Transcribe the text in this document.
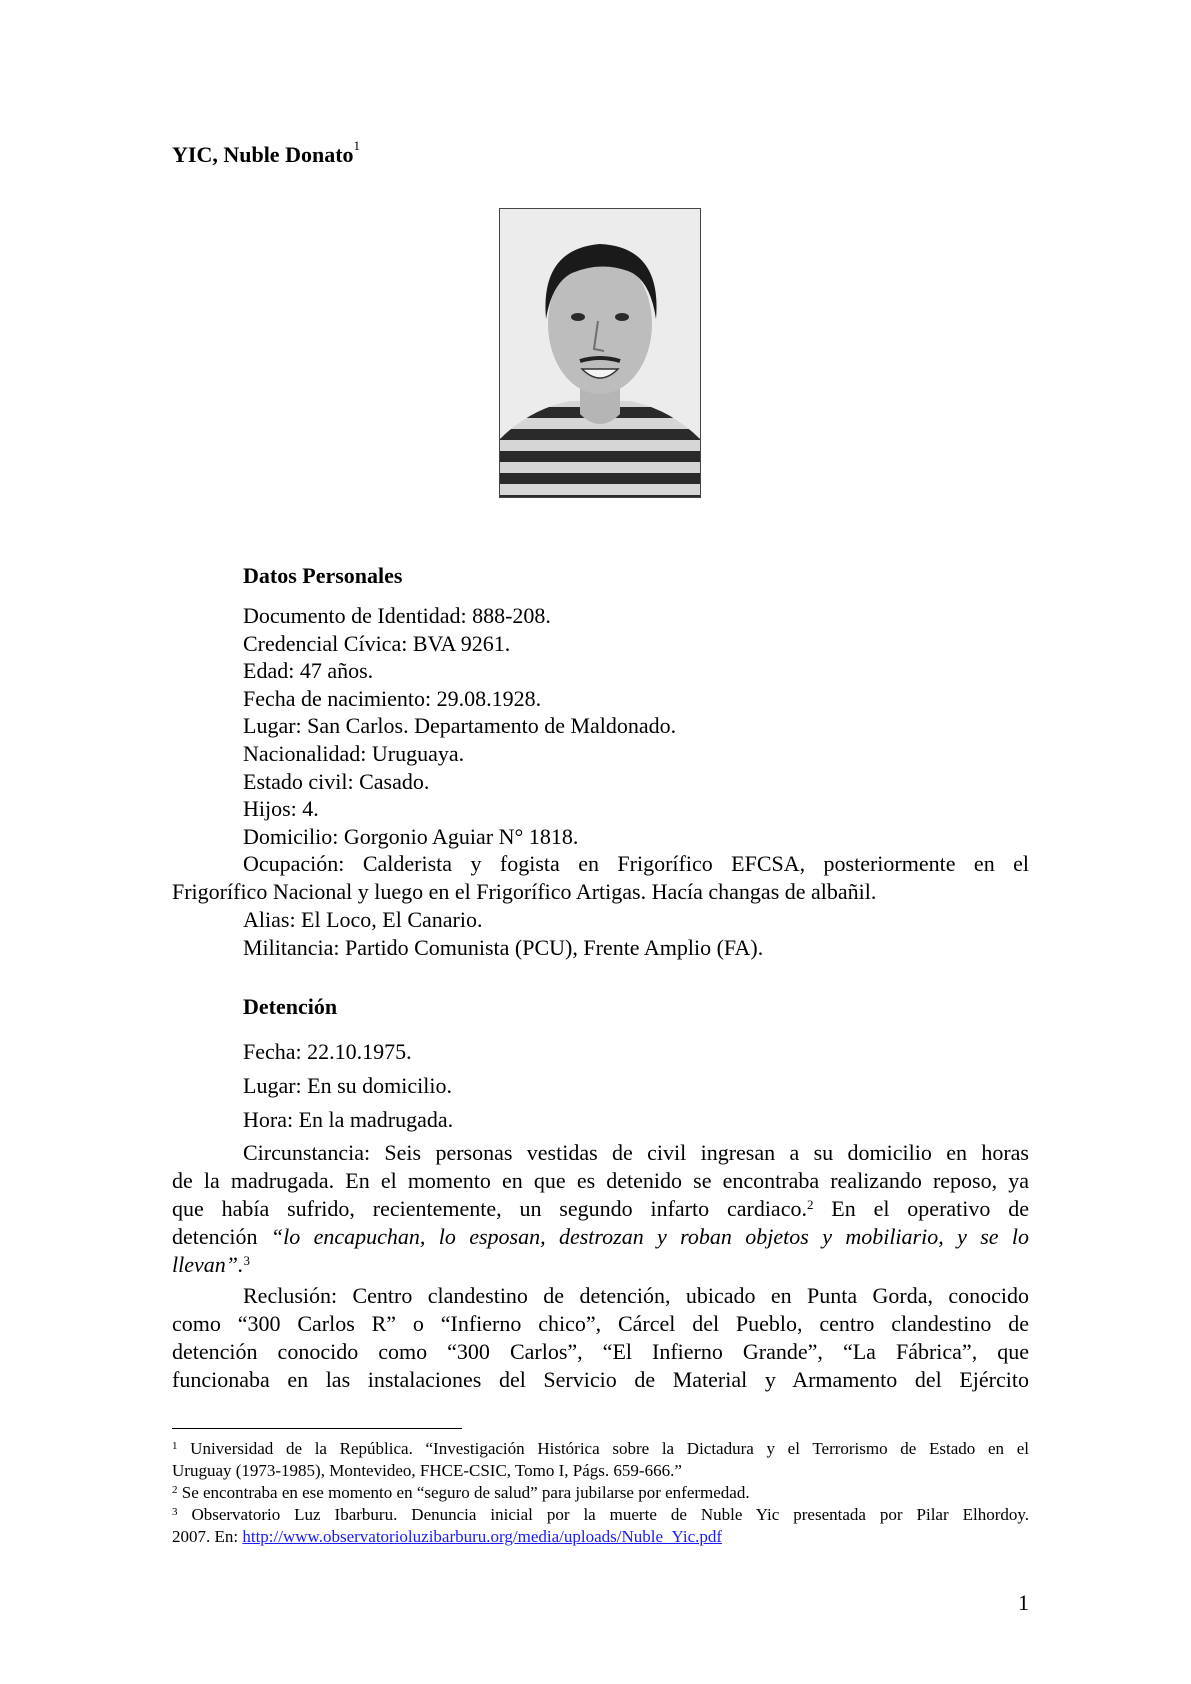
YIC, Nuble Donato$^1$
Datos Personales
Documento de Identidad: 888-208.
Credencial Cívica: BVA 9261.
Edad: 47 años.
Fecha de nacimiento: 29.08.1928.
Lugar: San Carlos. Departamento de Maldonado.
Nacionalidad: Uruguaya.
Estado civil: Casado.
Hijos: 4.
Domicilio: Gorgonio Aguiar N° 1818.
Ocupación: Calderista y fogista en Frigorífico EFCSA, posteriormente en el
Frigorífico Nacional y luego en el Frigorífico Artigas. Hacía changas de albañil.
Alias: El Loco, El Canario.
Militancia: Partido Comunista (PCU), Frente Amplio (FA).
Detención
Fecha: 22.10.1975.
Lugar: En su domicilio.
Hora: En la madrugada.
Circunstancia: Seis personas vestidas de civil ingresan a su domicilio en horas
de la madrugada. En el momento en que es detenido se encontraba realizando reposo, ya
que había sufrido, recientemente, un segundo infarto cardiaco.$^2$ En el operativo de
detención “lo encapuchan, lo esposan, destrozan y roban objetos y mobiliario, y se lo
llevan”.$^3$
Reclusión: Centro clandestino de detención, ubicado en Punta Gorda, conocido
como “300 Carlos R” o “Infierno chico”, Cárcel del Pueblo, centro clandestino de
detención conocido como “300 Carlos”, “El Infierno Grande”, “La Fábrica”, que
funcionaba en las instalaciones del Servicio de Material y Armamento del Ejército
$^1$ Universidad de la República. “Investigación Histórica sobre la Dictadura y el Terrorismo de Estado en el
Uruguay (1973-1985), Montevideo, FHCE-CSIC, Tomo I, Págs. 659-666.”
$^2$ Se encontraba en ese momento en “seguro de salud” para jubilarse por enfermedad.
$^3$ Observatorio Luz Ibarburu. Denuncia inicial por la muerte de Nuble Yic presentada por Pilar Elhordoy.
2007. En: http://www.observatorioluzibarburu.org/media/uploads/Nuble_Yic.pdf
1
